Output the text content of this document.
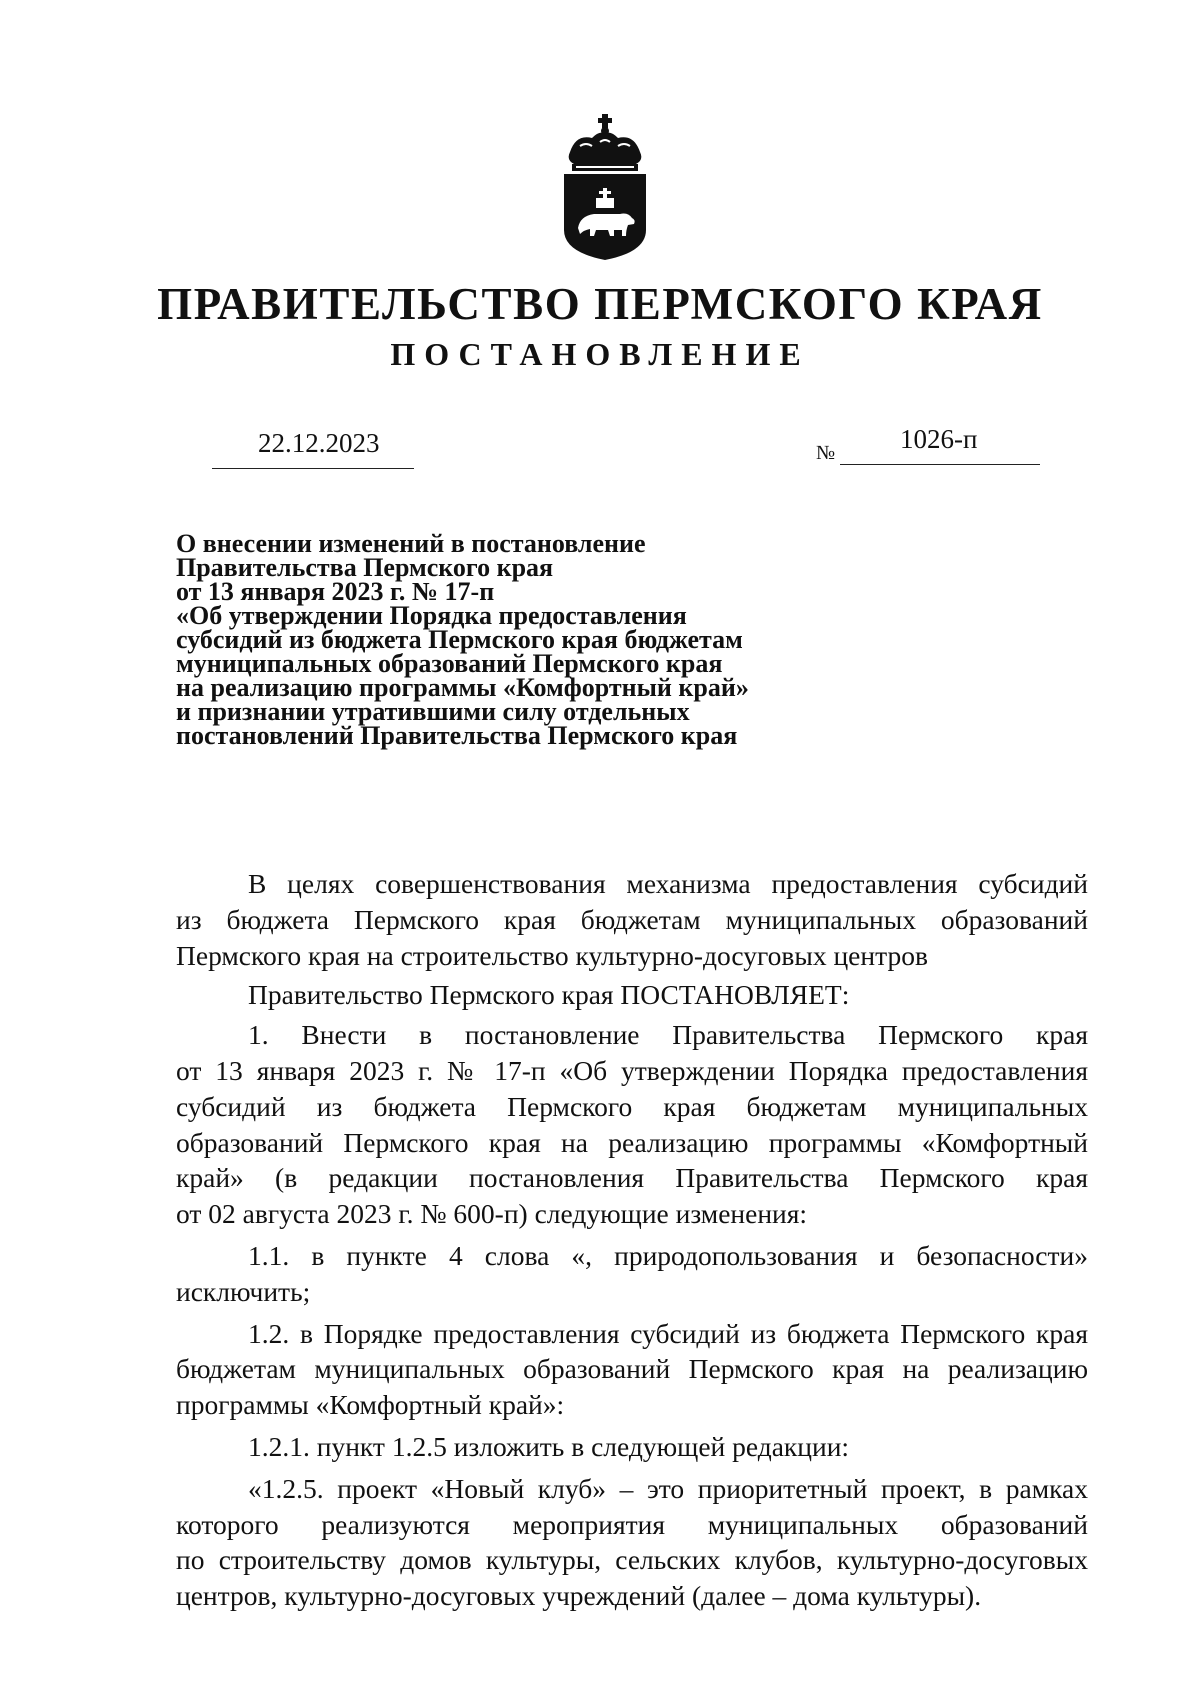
ПРАВИТЕЛЬСТВО ПЕРМСКОГО КРАЯ
ПОСТАНОВЛЕНИЕ
22.12.2023	№ 1026-п
О внесении изменений в постановление
Правительства Пермского края
от 13 января 2023 г. № 17-п
«Об утверждении Порядка предоставления
субсидий из бюджета Пермского края бюджетам
муниципальных образований Пермского края
на реализацию программы «Комфортный край»
и признании утратившими силу отдельных
постановлений Правительства Пермского края
В целях совершенствования механизма предоставления субсидий
из бюджета Пермского края бюджетам муниципальных образований
Пермского края на строительство культурно-досуговых центров
Правительство Пермского края ПОСТАНОВЛЯЕТ:
1. Внести в постановление Правительства Пермского края
от 13 января 2023 г. № 17-п «Об утверждении Порядка предоставления
субсидий из бюджета Пермского края бюджетам муниципальных
образований Пермского края на реализацию программы «Комфортный
край» (в редакции постановления Правительства Пермского края
от 02 августа 2023 г. № 600-п) следующие изменения:
1.1. в пункте 4 слова «, природопользования и безопасности»
исключить;
1.2. в Порядке предоставления субсидий из бюджета Пермского края
бюджетам муниципальных образований Пермского края на реализацию
программы «Комфортный край»:
1.2.1. пункт 1.2.5 изложить в следующей редакции:
«1.2.5. проект «Новый клуб» – это приоритетный проект, в рамках
которого реализуются мероприятия муниципальных образований
по строительству домов культуры, сельских клубов, культурно-досуговых
центров, культурно-досуговых учреждений (далее – дома культуры).
